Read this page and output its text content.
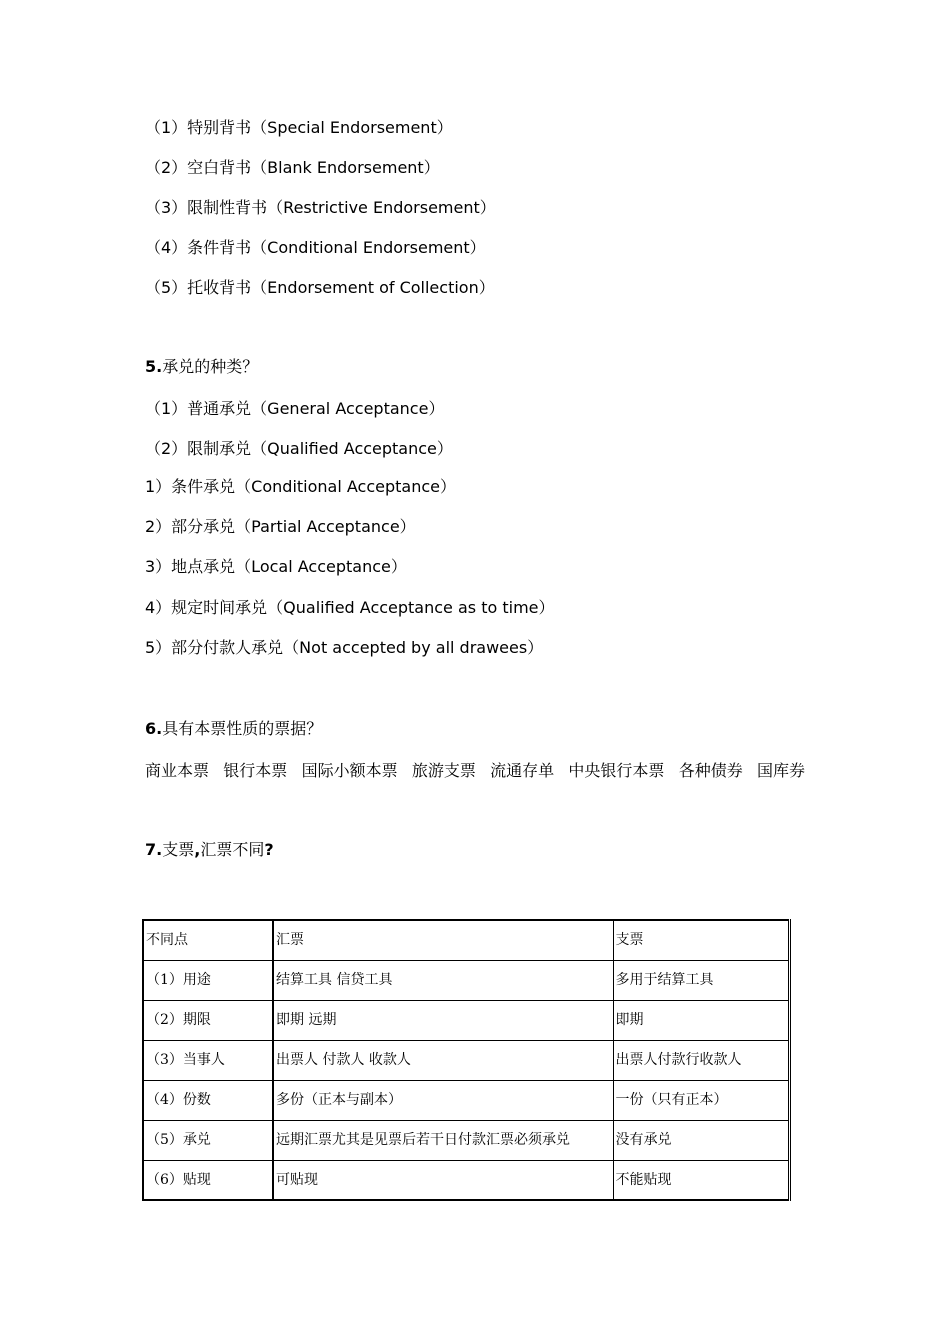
（1）特别背书（Special Endorsement）
（2）空白背书（Blank Endorsement）
（3）限制性背书（Restrictive Endorsement）
（4）条件背书（Conditional Endorsement）
（5）托收背书（Endorsement of Collection）
5.承兑的种类？
（1）普通承兑（General Acceptance）
（2）限制承兑（Qualified Acceptance）
1）条件承兑（Conditional Acceptance）
2）部分承兑（Partial Acceptance）
3）地点承兑（Local Acceptance）
4）规定时间承兑（Qualified Acceptance as to time）
5）部分付款人承兑（Not accepted by all drawees）
6.具有本票性质的票据？
商业本票 银行本票 国际小额本票 旅游支票 流通存单 中央银行本票 各种债券 国库券
7.支票,汇票不同?
不同点	汇票	支票
（1）用途	结算工具 信贷工具	多用于结算工具
（2）期限	即期 远期	即期
（3）当事人	出票人 付款人 收款人	出票人付款行收款人
（4）份数	多份（正本与副本）	一份（只有正本）
（5）承兑	远期汇票尤其是见票后若干日付款汇票必须承兑	没有承兑
（6）贴现	可贴现	不能贴现
